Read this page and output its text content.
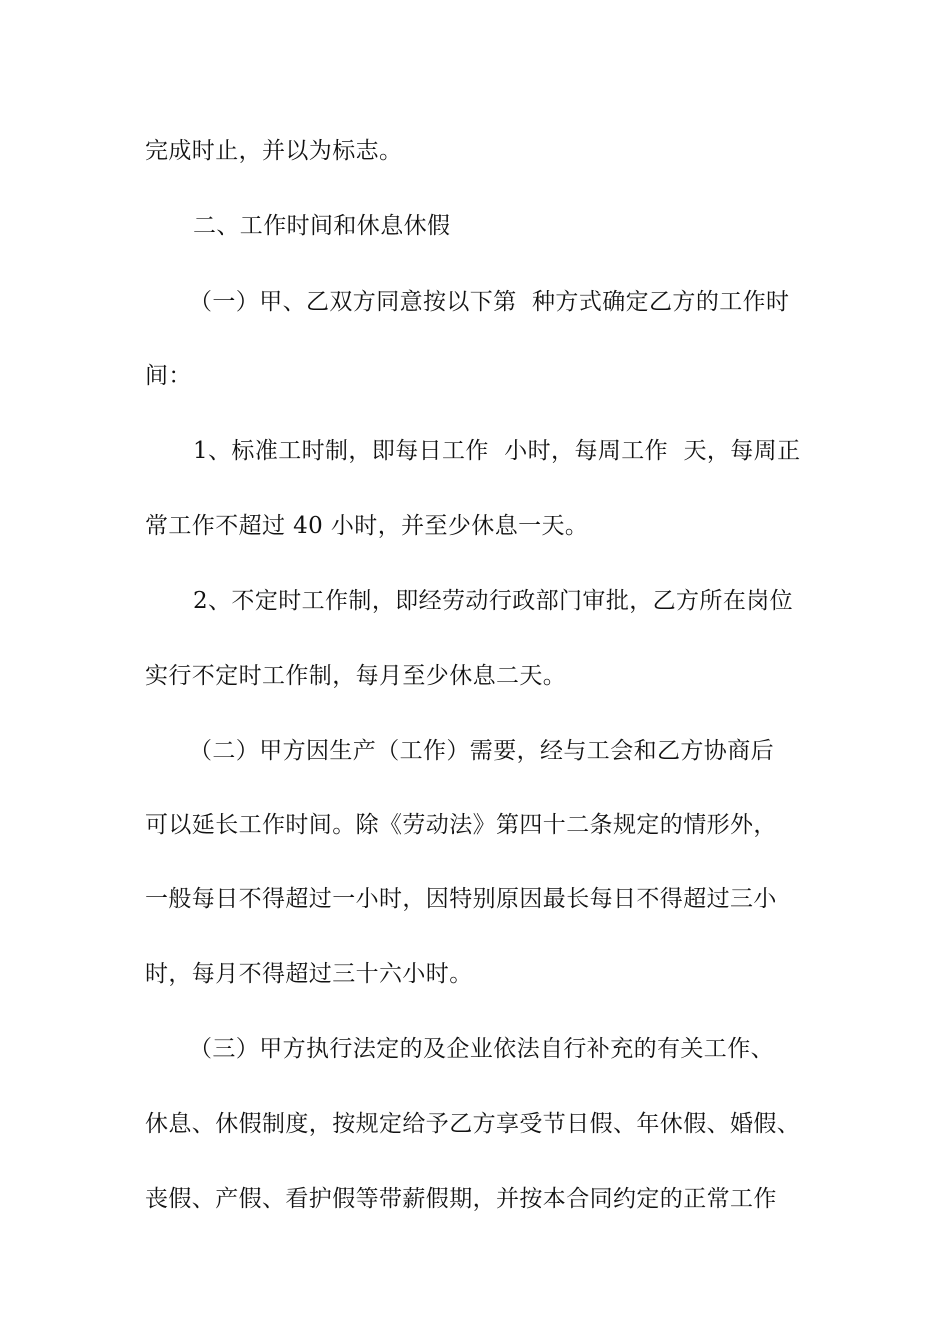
完成时止，并以为标志。
二、工作时间和休息休假
（一）甲、乙双方同意按以下第  种方式确定乙方的工作时
间：
1、标准工时制，即每日工作  小时，每周工作  天，每周正
常工作不超过 40 小时，并至少休息一天。
2、不定时工作制，即经劳动行政部门审批，乙方所在岗位
实行不定时工作制，每月至少休息二天。
（二）甲方因生产（工作）需要，经与工会和乙方协商后
可以延长工作时间。除《劳动法》第四十二条规定的情形外，
一般每日不得超过一小时，因特别原因最长每日不得超过三小
时，每月不得超过三十六小时。
（三）甲方执行法定的及企业依法自行补充的有关工作、
休息、休假制度，按规定给予乙方享受节日假、年休假、婚假、
丧假、产假、看护假等带薪假期，并按本合同约定的正常工作
